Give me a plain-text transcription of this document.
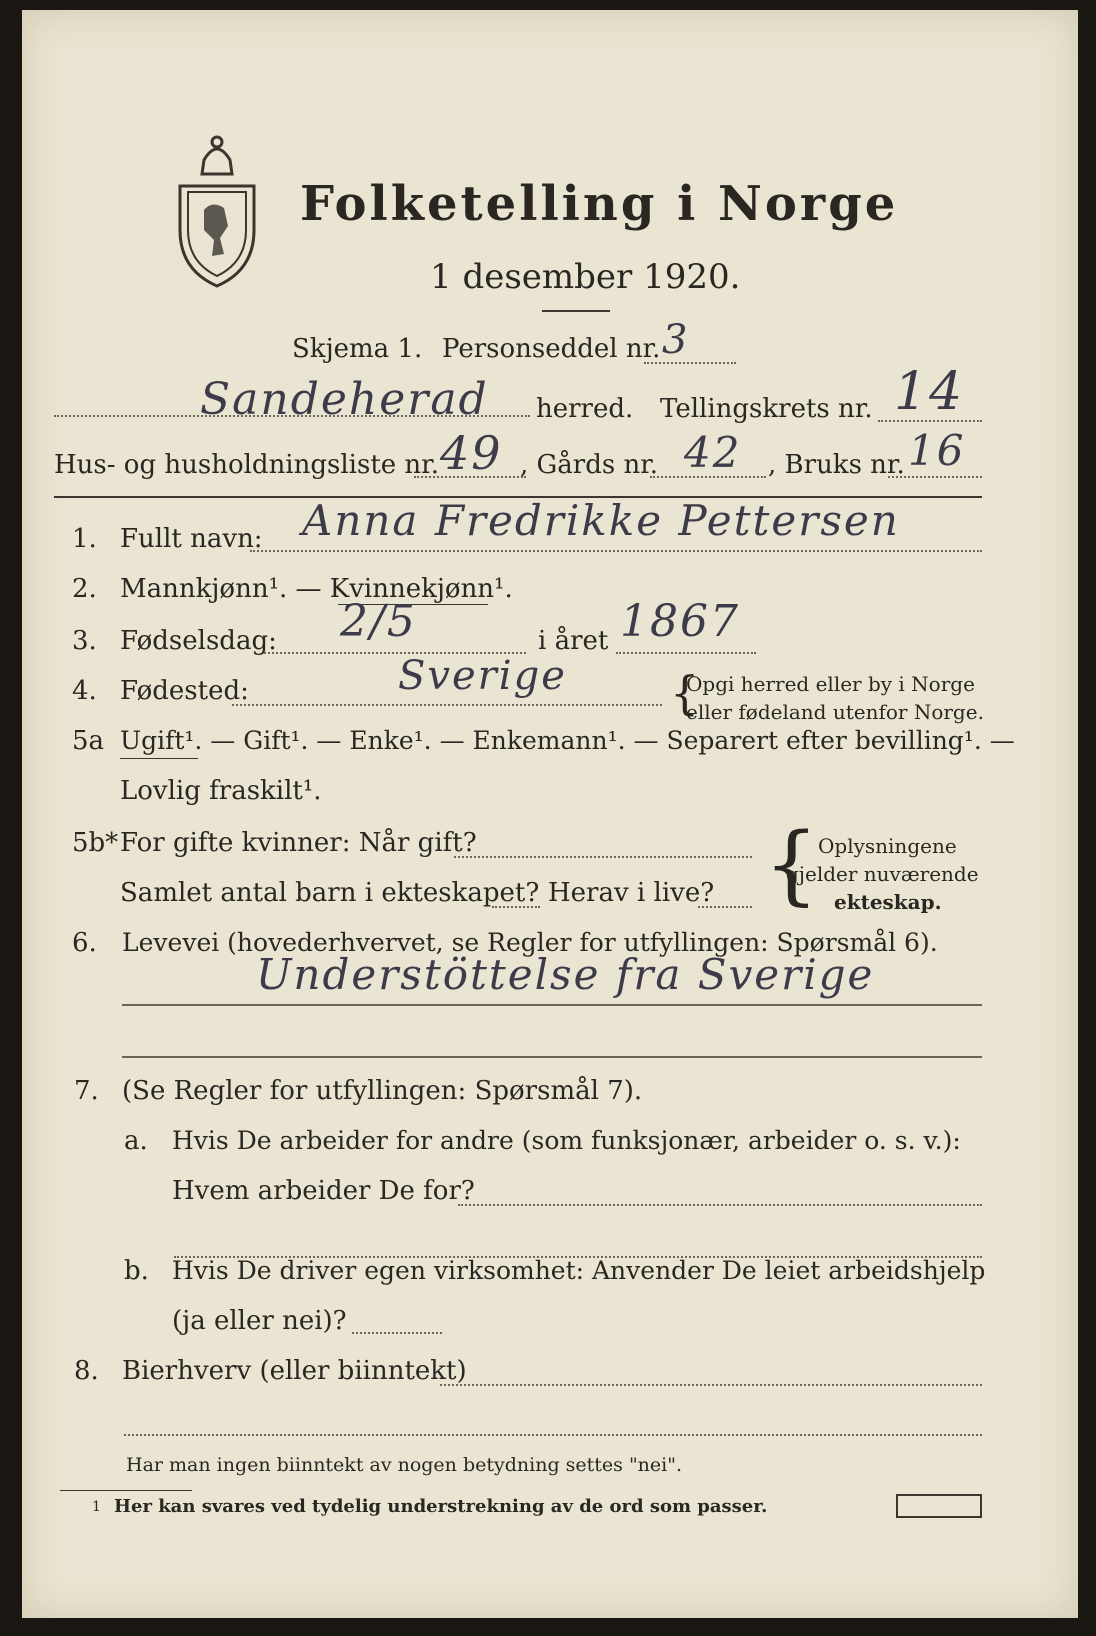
Folketelling i Norge
1 desember 1920.
Skjema 1. Personseddel nr. 3
Sandeherad herred. Tellingskrets nr. 14
Hus- og husholdningsliste nr. 49 , Gårds nr. 42 , Bruks nr. 16
1. Fullt navn: Anna Fredrikke Pettersen
2. Mannkjønn¹. — Kvinnekjønn¹.
3. Fødselsdag: 2/5	i året 1867
4. Fødested:	Sverige {
Opgi herred eller by i Norge
eller fødeland utenfor Norge.
5a Ugift¹. — Gift¹. — Enke¹. — Enkemann¹. — Separert efter bevilling¹. —
Lovlig fraskilt¹.
5b* For gifte kvinner: Når gift?
Samlet antal barn i ekteskapet? Herav i live? { Oplysningene
gjelder nuværende
ekteskap.
6. Levevei (hovederhvervet, se Regler for utfyllingen: Spørsmål 6).
Understöttelse fra Sverige
7. (Se Regler for utfyllingen: Spørsmål 7).
a. Hvis De arbeider for andre (som funksjonær, arbeider o. s. v.):
Hvem arbeider De for?
b. Hvis De driver egen virksomhet: Anvender De leiet arbeidshjelp
(ja eller nei)?
8. Bierhverv (eller biinntekt)
Har man ingen biinntekt av nogen betydning settes "nei".
1 Her kan svares ved tydelig understrekning av de ord som passer.
